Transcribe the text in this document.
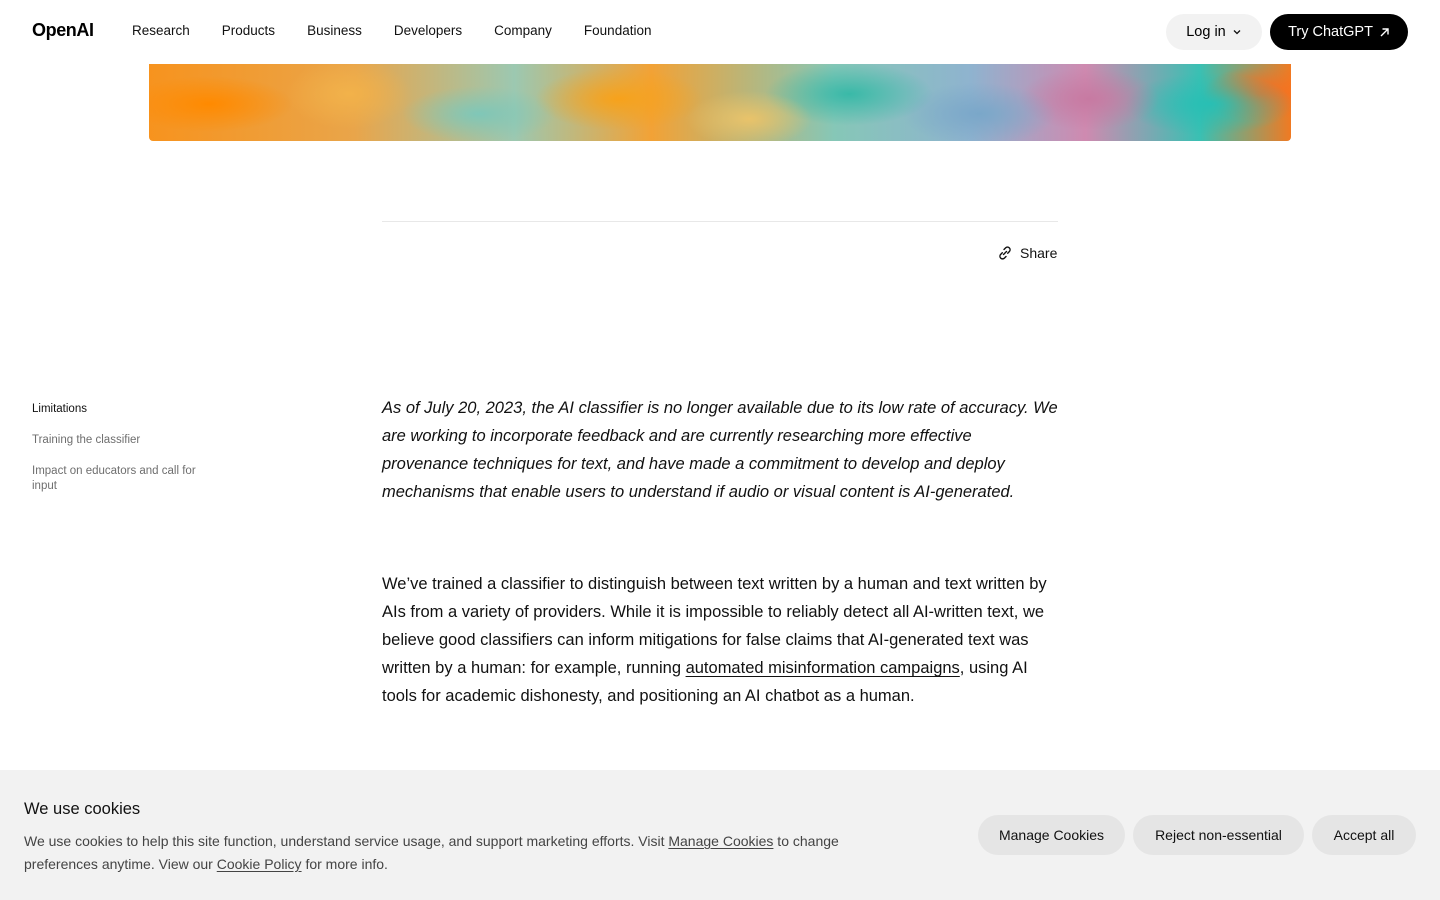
OpenAI	Research Products Business Developers Company Foundation	Log in	Try ChatGPT
Share
Limitations
Training the classifier
Impact on educators and call for input

As of July 20, 2023, the AI classifier is no longer available due to its low rate of accuracy. We are working to incorporate feedback and are currently researching more effective provenance techniques for text, and have made a commitment to develop and deploy mechanisms that enable users to understand if audio or visual content is AI-generated.

We’ve trained a classifier to distinguish between text written by a human and text written by AIs from a variety of providers. While it is impossible to reliably detect all AI-written text, we believe good classifiers can inform mitigations for false claims that AI-generated text was written by a human: for example, running automated misinformation campaigns, using AI tools for academic dishonesty, and positioning an AI chatbot as a human.

We use cookies
We use cookies to help this site function, understand service usage, and support marketing efforts. Visit Manage Cookies to change preferences anytime. View our Cookie Policy for more info.
Manage Cookies	Reject non-essential	Accept all
